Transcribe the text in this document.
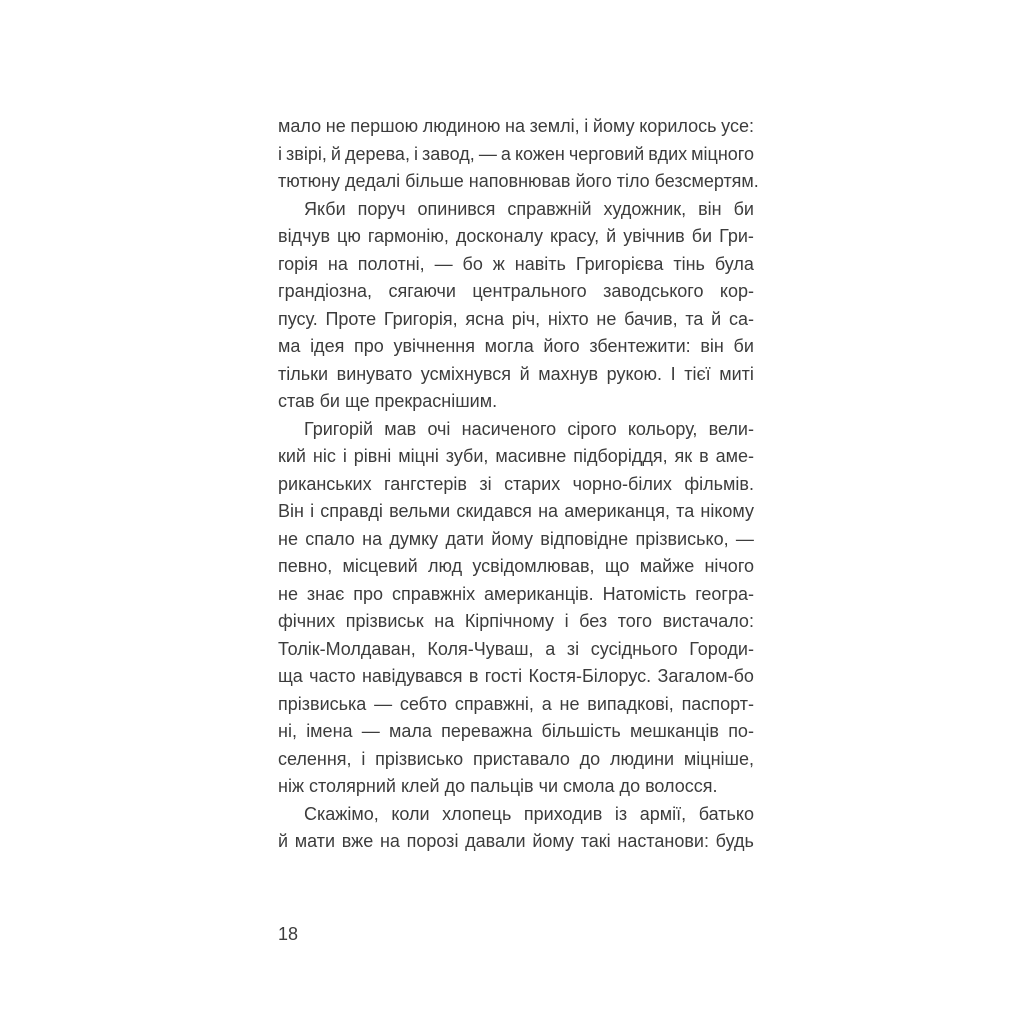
мало не першою людиною на землі, і йому корилось усе:
і звірі, й дерева, і завод, — а кожен черговий вдих міцного
тютюну дедалі більше наповнював його тіло безсмертям.
Якби поруч опинився справжній художник, він би
відчув цю гармонію, досконалу красу, й увічнив би Гри-
горія на полотні, — бо ж навіть Григорієва тінь була
грандіозна, сягаючи центрального заводського кор-
пусу. Проте Григорія, ясна річ, ніхто не бачив, та й са-
ма ідея про увічнення могла його збентежити: він би
тільки винувато усміхнувся й махнув рукою. І тієї миті
став би ще прекраснішим.
Григорій мав очі насиченого сірого кольору, вели-
кий ніс і рівні міцні зуби, масивне підборіддя, як в аме-
риканських гангстерів зі старих чорно-білих фільмів.
Він і справді вельми скидався на американця, та нікому
не спало на думку дати йому відповідне прізвисько, —
певно, місцевий люд усвідомлював, що майже нічого
не знає про справжніх американців. Натомість геогра-
фічних прізвиськ на Кірпічному і без того вистачало:
Толік-Молдаван, Коля-Чуваш, а зі сусіднього Городи-
ща часто навідувався в гості Костя-Білорус. Загалом-бо
прізвиська — себто справжні, а не випадкові, паспорт-
ні, імена — мала переважна більшість мешканців по-
селення, і прізвисько приставало до людини міцніше,
ніж столярний клей до пальців чи смола до волосся.
Скажімо, коли хлопець приходив із армії, батько
й мати вже на порозі давали йому такі настанови: будь
18
